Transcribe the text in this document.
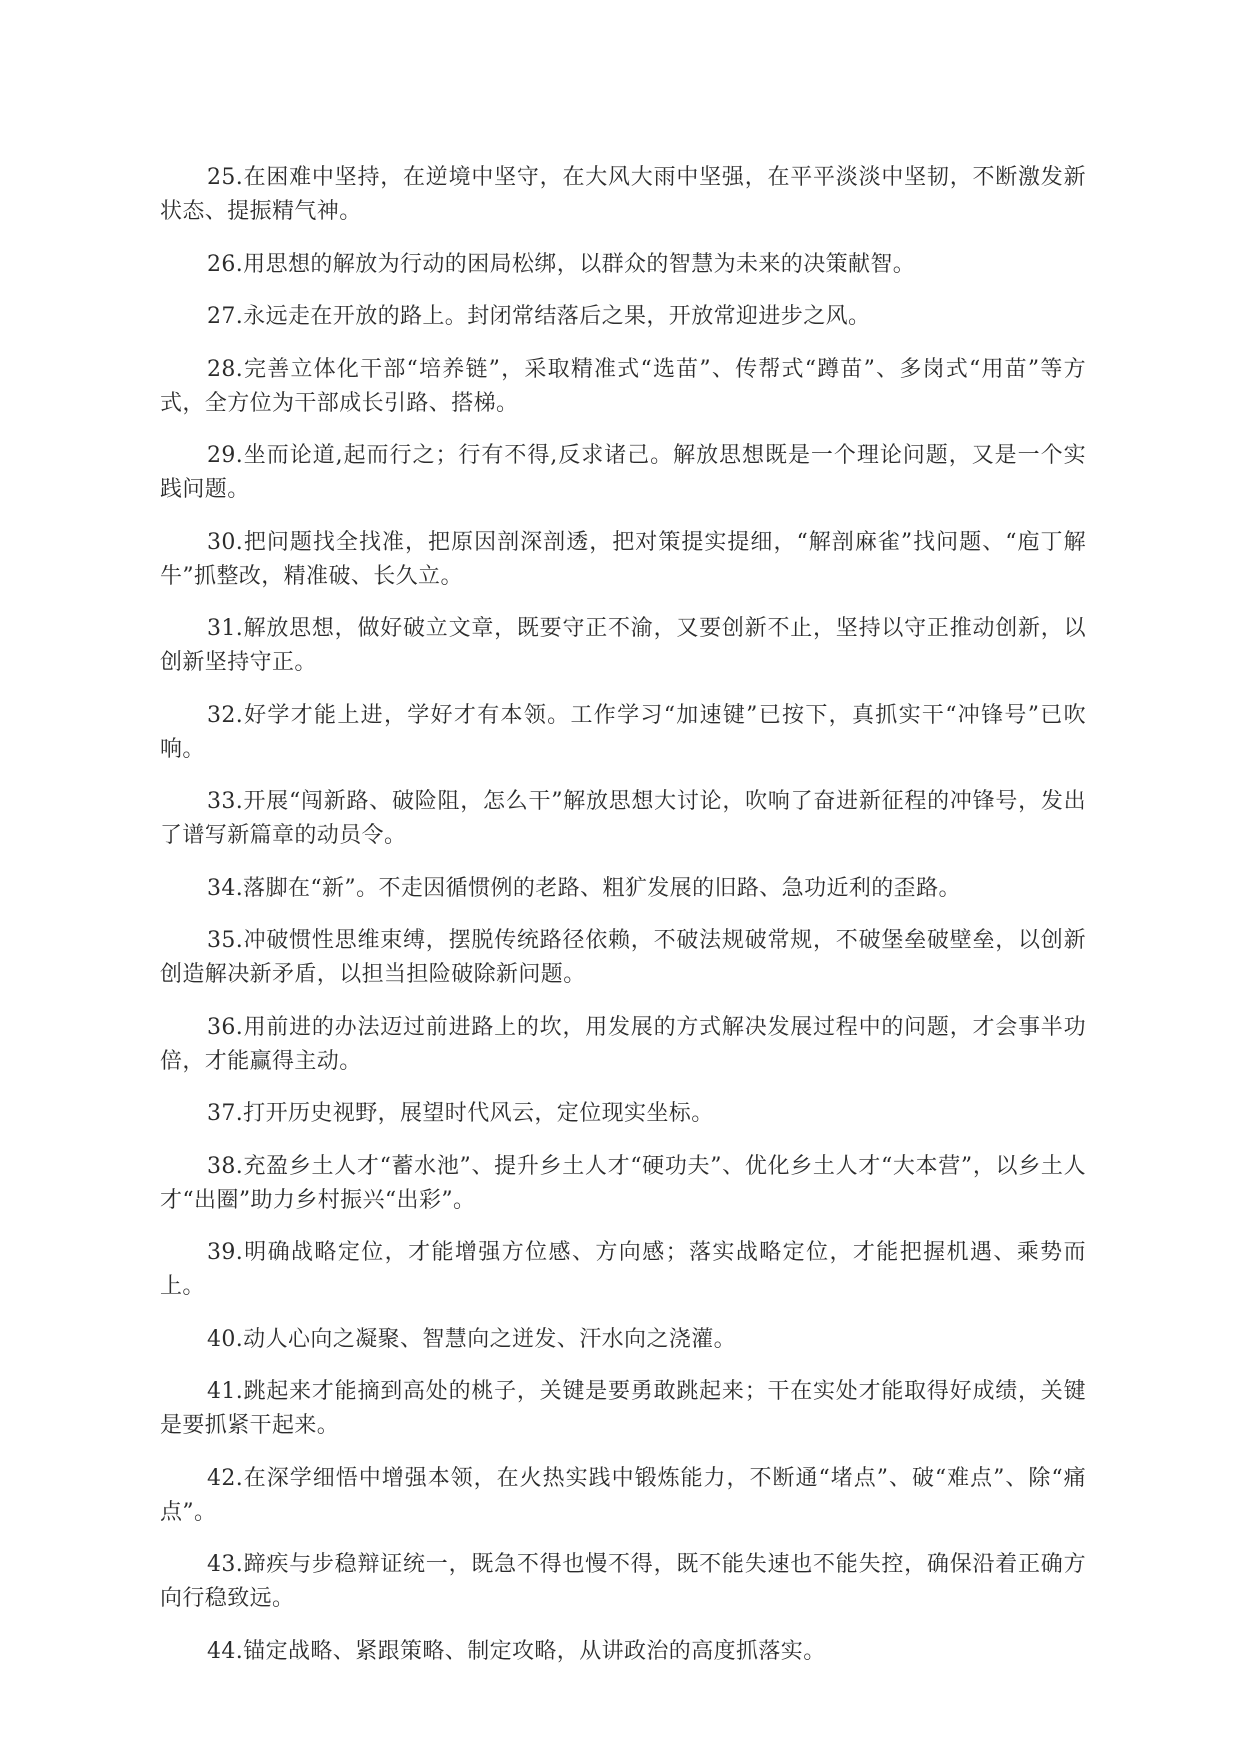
25.在困难中坚持，在逆境中坚守，在大风大雨中坚强，在平平淡淡中坚韧，不断激发新状态、提振精气神。

26.用思想的解放为行动的困局松绑，以群众的智慧为未来的决策献智。

27.永远走在开放的路上。封闭常结落后之果，开放常迎进步之风。

28.完善立体化干部“培养链”，采取精准式“选苗”、传帮式“蹲苗”、多岗式“用苗”等方式，全方位为干部成长引路、搭梯。

29.坐而论道,起而行之；行有不得,反求诸己。解放思想既是一个理论问题，又是一个实践问题。

30.把问题找全找准，把原因剖深剖透，把对策提实提细，“解剖麻雀”找问题、“庖丁解牛”抓整改，精准破、长久立。

31.解放思想，做好破立文章，既要守正不渝，又要创新不止，坚持以守正推动创新，以创新坚持守正。

32.好学才能上进，学好才有本领。工作学习“加速键”已按下，真抓实干“冲锋号”已吹响。

33.开展“闯新路、破险阻，怎么干”解放思想大讨论，吹响了奋进新征程的冲锋号，发出了谱写新篇章的动员令。

34.落脚在“新”。不走因循惯例的老路、粗犷发展的旧路、急功近利的歪路。

35.冲破惯性思维束缚，摆脱传统路径依赖，不破法规破常规，不破堡垒破壁垒，以创新创造解决新矛盾，以担当担险破除新问题。

36.用前进的办法迈过前进路上的坎，用发展的方式解决发展过程中的问题，才会事半功倍，才能赢得主动。

37.打开历史视野，展望时代风云，定位现实坐标。

38.充盈乡土人才“蓄水池”、提升乡土人才“硬功夫”、优化乡土人才“大本营”，以乡土人才“出圈”助力乡村振兴“出彩”。

39.明确战略定位，才能增强方位感、方向感；落实战略定位，才能把握机遇、乘势而上。

40.动人心向之凝聚、智慧向之迸发、汗水向之浇灌。

41.跳起来才能摘到高处的桃子，关键是要勇敢跳起来；干在实处才能取得好成绩，关键是要抓紧干起来。

42.在深学细悟中增强本领，在火热实践中锻炼能力，不断通“堵点”、破“难点”、除“痛点”。

43.蹄疾与步稳辩证统一，既急不得也慢不得，既不能失速也不能失控，确保沿着正确方向行稳致远。

44.锚定战略、紧跟策略、制定攻略，从讲政治的高度抓落实。
